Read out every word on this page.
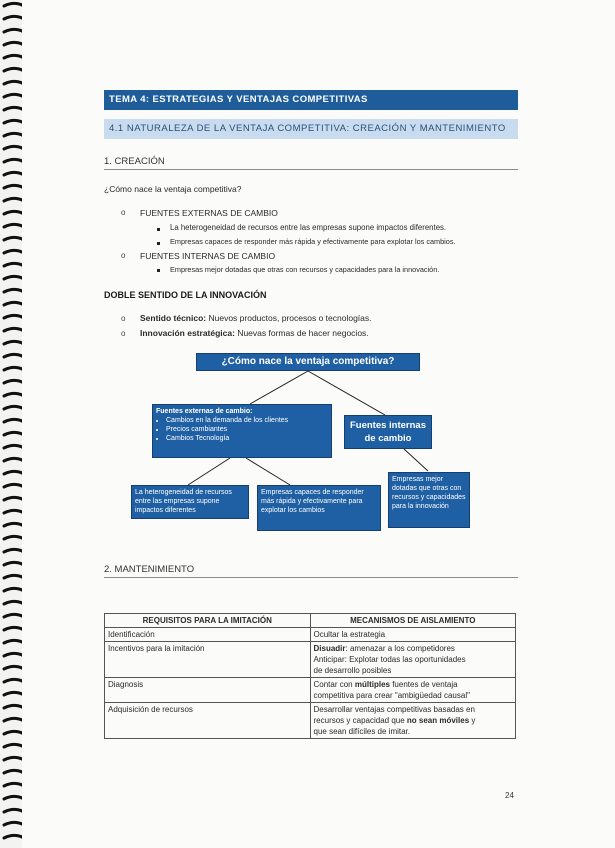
TEMA 4: ESTRATEGIAS Y VENTAJAS COMPETITIVAS
4.1 NATURALEZA DE LA VENTAJA COMPETITIVA: CREACIÓN Y MANTENIMIENTO
1. CREACIÓN
¿Cómo nace la ventaja competitiva?
o FUENTES EXTERNAS DE CAMBIO
La heterogeneidad de recursos entre las empresas supone impactos diferentes.
Empresas capaces de responder más rápida y efectivamente para explotar los cambios.
o FUENTES INTERNAS DE CAMBIO
Empresas mejor dotadas que otras con recursos y capacidades para la innovación.
DOBLE SENTIDO DE LA INNOVACIÓN
o Sentido técnico: Nuevos productos, procesos o tecnologías.
o Innovación estratégica: Nuevas formas de hacer negocios.
¿Cómo nace la ventaja competitiva?
Fuentes externas de cambio:
• Cambios en la demanda de los clientes
• Precios cambiantes
• Cambios Tecnología
Fuentes internas de cambio
La heterogeneidad de recursos entre las empresas supone impactos diferentes
Empresas capaces de responder más rápida y efectivamente para explotar los cambios
Empresas mejor dotadas que otras con recursos y capacidades para la innovación
2. MANTENIMIENTO
REQUISITOS PARA LA IMITACIÓN	MECANISMOS DE AISLAMIENTO
Identificación	Ocultar la estrategia
Incentivos para la imitación	Disuadir: amenazar a los competidores
Anticipar: Explotar todas las oportunidades
de desarrollo posibles

Diagnosis	Contar con múltiples fuentes de ventaja
competitiva para crear "ambigüedad causal"

Adquisición de recursos	Desarrollar ventajas competitivas basadas en
recursos y capacidad que no sean móviles y
que sean difíciles de imitar.
24
